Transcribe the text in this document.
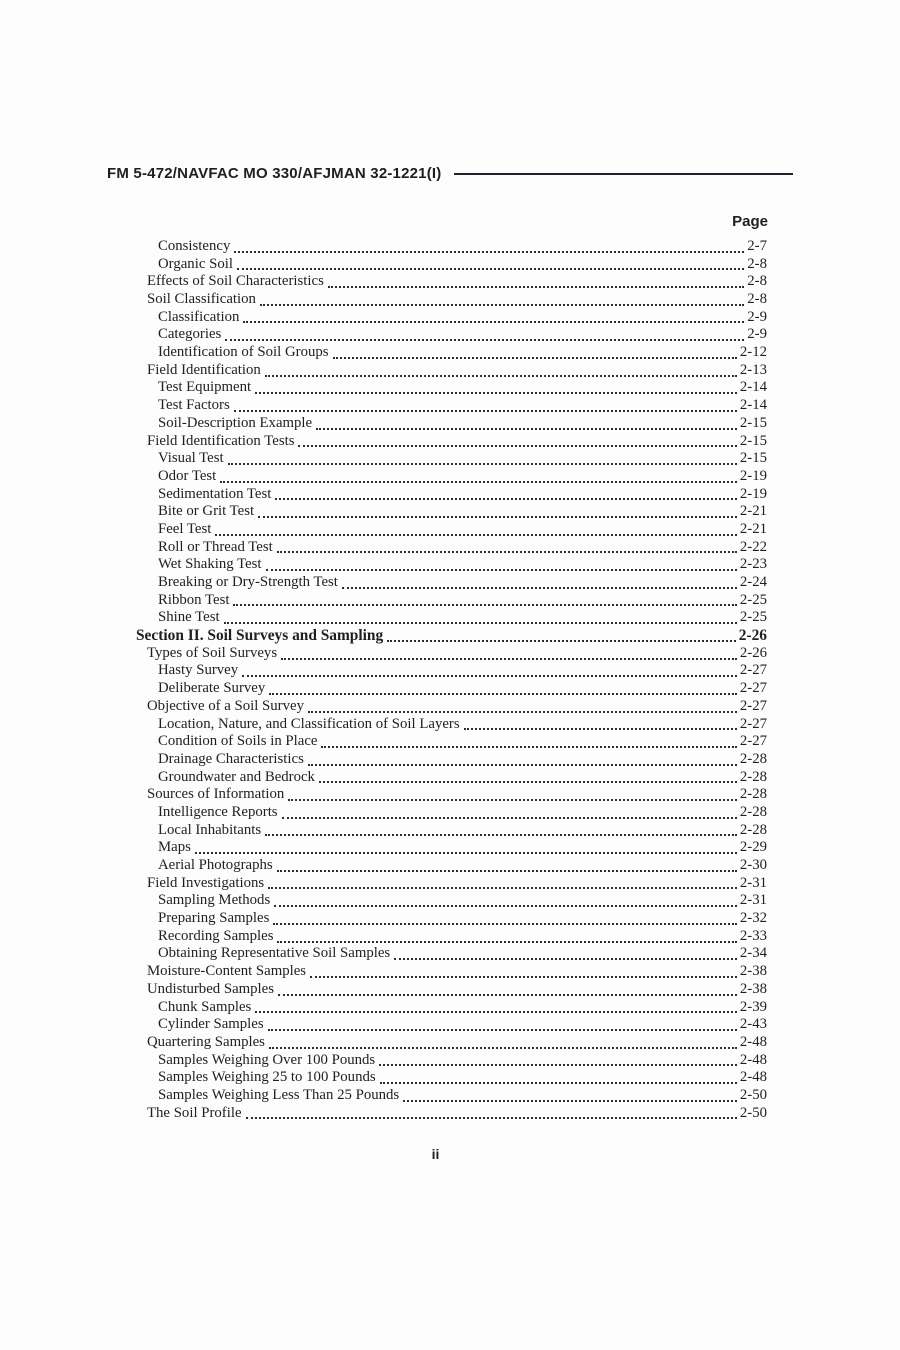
FM 5-472/NAVFAC MO 330/AFJMAN 32-1221(I)
Page
Consistency	2-7
Organic Soil	2-8
Effects of Soil Characteristics	2-8
Soil Classification	2-8
Classification	2-9
Categories	2-9
Identification of Soil Groups	2-12
Field Identification	2-13
Test Equipment	2-14
Test Factors	2-14
Soil-Description Example	2-15
Field Identification Tests	2-15
Visual Test	2-15
Odor Test	2-19
Sedimentation Test	2-19
Bite or Grit Test	2-21
Feel Test	2-21
Roll or Thread Test	2-22
Wet Shaking Test	2-23
Breaking or Dry-Strength Test	2-24
Ribbon Test	2-25
Shine Test	2-25
Section II. Soil Surveys and Sampling	2-26
Types of Soil Surveys	2-26
Hasty Survey	2-27
Deliberate Survey	2-27
Objective of a Soil Survey	2-27
Location, Nature, and Classification of Soil Layers	2-27
Condition of Soils in Place	2-27
Drainage Characteristics	2-28
Groundwater and Bedrock	2-28
Sources of Information	2-28
Intelligence Reports	2-28
Local Inhabitants	2-28
Maps	2-29
Aerial Photographs	2-30
Field Investigations	2-31
Sampling Methods	2-31
Preparing Samples	2-32
Recording Samples	2-33
Obtaining Representative Soil Samples	2-34
Moisture-Content Samples	2-38
Undisturbed Samples	2-38
Chunk Samples	2-39
Cylinder Samples	2-43
Quartering Samples	2-48
Samples Weighing Over 100 Pounds	2-48
Samples Weighing 25 to 100 Pounds	2-48
Samples Weighing Less Than 25 Pounds	2-50
The Soil Profile	2-50
ii
